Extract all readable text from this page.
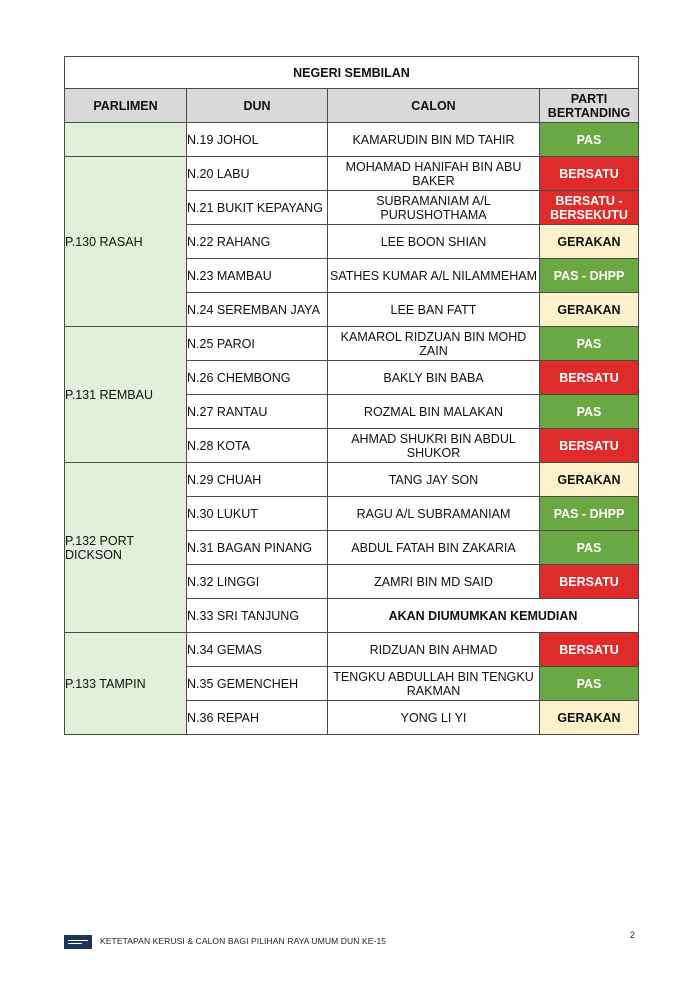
NEGERI SEMBILAN			
PARLIMEN	DUN	CALON	PARTI
BERTANDING
	N.19 JOHOL	KAMARUDIN BIN MD TAHIR	PAS
P.130 RASAH	N.20 LABU	MOHAMAD HANIFAH BIN ABU BAKER	BERSATU
	N.21 BUKIT KEPAYANG	SUBRAMANIAM A/L PURUSHOTHAMA	BERSATU - BERSEKUTU
	N.22 RAHANG	LEE BOON SHIAN	GERAKAN
	N.23 MAMBAU	SATHES KUMAR A/L NILAMMEHAM	PAS - DHPP
	N.24 SEREMBAN JAYA	LEE BAN FATT	GERAKAN
P.131 REMBAU	N.25 PAROI	KAMAROL RIDZUAN BIN MOHD ZAIN	PAS
	N.26 CHEMBONG	BAKLY BIN BABA	BERSATU
	N.27 RANTAU	ROZMAL BIN MALAKAN	PAS
	N.28 KOTA	AHMAD SHUKRI BIN ABDUL SHUKOR	BERSATU
P.132 PORT DICKSON	N.29 CHUAH	TANG JAY SON	GERAKAN
	N.30 LUKUT	RAGU A/L SUBRAMANIAM	PAS - DHPP
	N.31 BAGAN PINANG	ABDUL FATAH BIN ZAKARIA	PAS
	N.32 LINGGI	ZAMRI BIN MD SAID	BERSATU
	N.33 SRI TANJUNG	AKAN DIUMUMKAN KEMUDIAN	
P.133 TAMPIN	N.34 GEMAS	RIDZUAN BIN AHMAD	BERSATU
	N.35 GEMENCHEH	TENGKU ABDULLAH BIN TENGKU RAKMAN	PAS
	N.36 REPAH	YONG LI YI	GERAKAN
KETETAPAN KERUSI & CALON BAGI PILIHAN RAYA UMUM DUN KE-15
2
